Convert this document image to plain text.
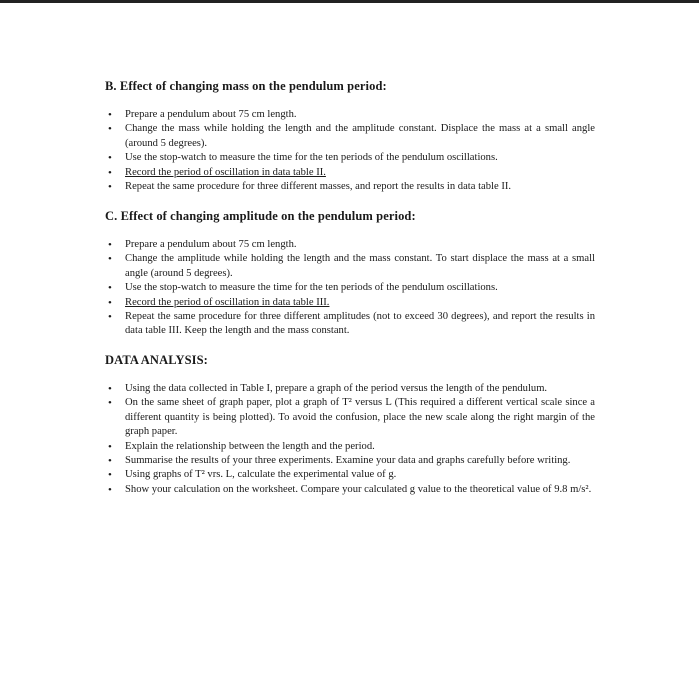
B. Effect of changing mass on the pendulum period:
• Prepare a pendulum about 75 cm length.
• Change the mass while holding the length and the amplitude constant. Displace the mass at a small angle (around 5 degrees).
• Use the stop-watch to measure the time for the ten periods of the pendulum oscillations.
• Record the period of oscillation in data table II.
• Repeat the same procedure for three different masses, and report the results in data table II.
C. Effect of changing amplitude on the pendulum period:
• Prepare a pendulum about 75 cm length.
• Change the amplitude while holding the length and the mass constant. To start displace the mass at a small angle (around 5 degrees).
• Use the stop-watch to measure the time for the ten periods of the pendulum oscillations.
• Record the period of oscillation in data table III.
• Repeat the same procedure for three different amplitudes (not to exceed 30 degrees), and report the results in data table III. Keep the length and the mass constant.
DATA ANALYSIS:
• Using the data collected in Table I, prepare a graph of the period versus the length of the pendulum.
• On the same sheet of graph paper, plot a graph of T² versus L (This required a different vertical scale since a different quantity is being plotted). To avoid the confusion, place the new scale along the right margin of the graph paper.
• Explain the relationship between the length and the period.
• Summarise the results of your three experiments. Examine your data and graphs carefully before writing.
• Using graphs of T² vrs. L, calculate the experimental value of g.
• Show your calculation on the worksheet. Compare your calculated g value to the theoretical value of 9.8 m/s².
